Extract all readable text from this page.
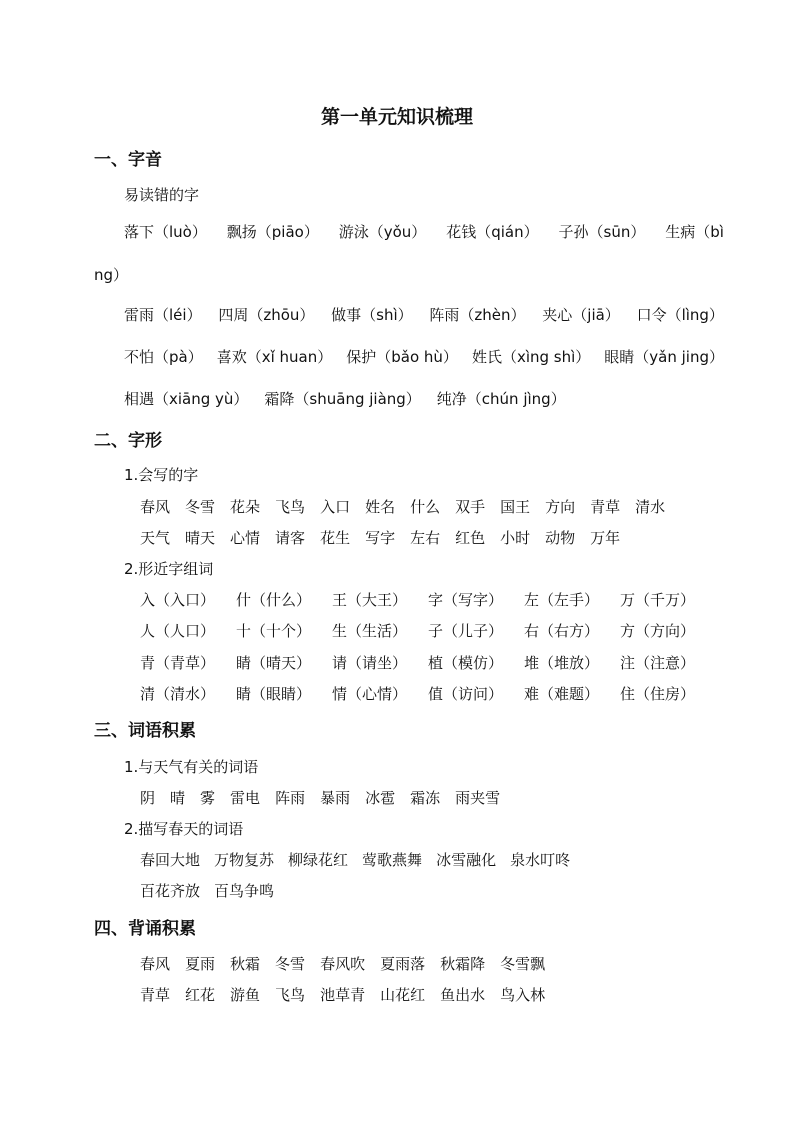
第一单元知识梳理
一、字音
易读错的字
落下（luò） 飘扬（piāo） 游泳（yǒu） 花钱（qián） 子孙（sūn） 生病（bì
ng）
雷雨（léi） 四周（zhōu） 做事（shì） 阵雨（zhèn） 夹心（jiā） 口令（lìng）
不怕（pà） 喜欢（xǐ huan） 保护（bǎo hù） 姓氏（xìng shì） 眼睛（yǎn jing）
相遇（xiāng yù） 霜降（shuāng jiàng） 纯净（chún jìng）
二、字形
1.会写的字
春风 冬雪 花朵 飞鸟 入口 姓名 什么 双手 国王 方向 青草 清水
天气 晴天 心情 请客 花生 写字 左右 红色 小时 动物 万年
2.形近字组词
入（入口）	什（什么）	王（大王）	字（写字）	左（左手）	万（千万）
人（人口）	十（十个）	生（生活）	子（儿子）	右（右方）	方（方向）
青（青草）	睛（晴天）	请（请坐）	植（模仿）	堆（堆放）	注（注意）
清（清水）	睛（眼睛）	情（心情）	值（访问）	难（难题）	住（住房）
三、词语积累
1.与天气有关的词语
阴 晴 雾 雷电 阵雨 暴雨 冰雹 霜冻 雨夹雪
2.描写春天的词语
春回大地 万物复苏 柳绿花红 莺歌燕舞 冰雪融化 泉水叮咚
百花齐放 百鸟争鸣
四、背诵积累
春风 夏雨 秋霜 冬雪 春风吹 夏雨落 秋霜降 冬雪飘
青草 红花 游鱼 飞鸟 池草青 山花红 鱼出水 鸟入林
